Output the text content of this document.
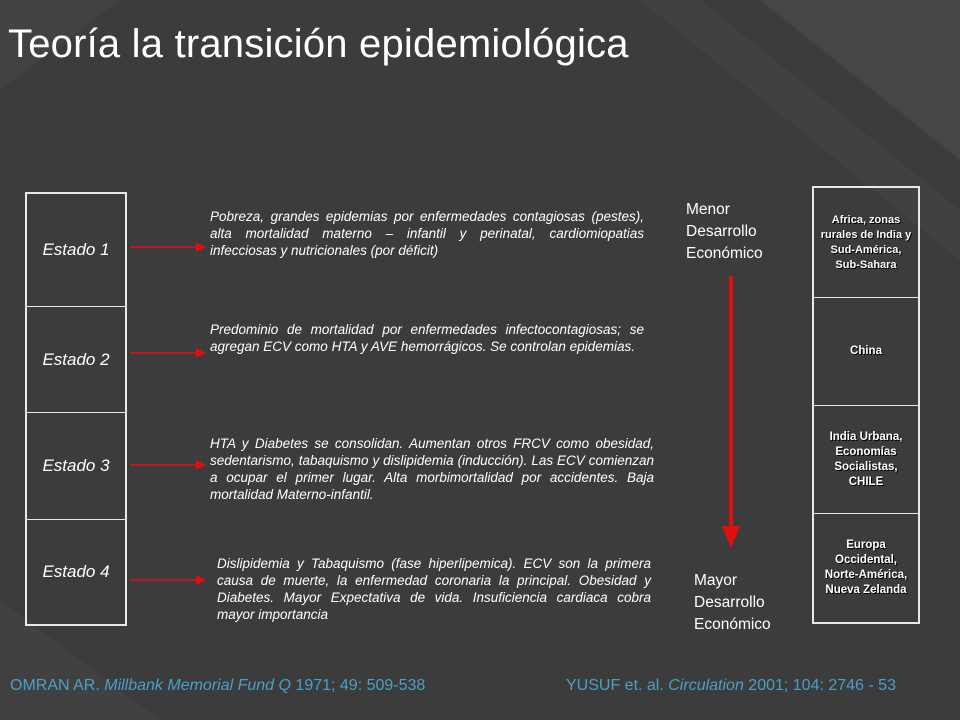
Teoría la transición epidemiológica
Estado 1
Estado 2
Estado 3
Estado 4
Pobreza, grandes epidemias por enfermedades contagiosas (pestes), alta mortalidad materno – infantil y perinatal, cardiomiopatias infecciosas y nutricionales (por déficit)
Predominio de mortalidad por enfermedades infectocontagiosas; se agregan ECV como HTA y AVE hemorrágicos. Se controlan epidemias.
HTA y Diabetes se consolidan. Aumentan otros FRCV como obesidad, sedentarismo, tabaquismo y dislipidemia (inducción). Las ECV comienzan a ocupar el primer lugar. Alta morbimortalidad por accidentes. Baja mortalidad Materno-infantil.
Dislipidemia y Tabaquismo (fase hiperlipemica). ECV son la primera causa de muerte, la enfermedad coronaria la principal. Obesidad y Diabetes. Mayor Expectativa de vida. Insuficiencia cardiaca cobra mayor importancia
Menor
Desarrollo
Económico
Mayor
Desarrollo
Económico
Africa, zonas rurales de India y Sud-América, Sub-Sahara
China
India Urbana, Economías Socialistas, CHILE
Europa Occidental, Norte-América, Nueva Zelanda
OMRAN AR. Millbank Memorial Fund Q 1971; 49: 509-538	YUSUF et. al. Circulation 2001; 104: 2746 - 53
